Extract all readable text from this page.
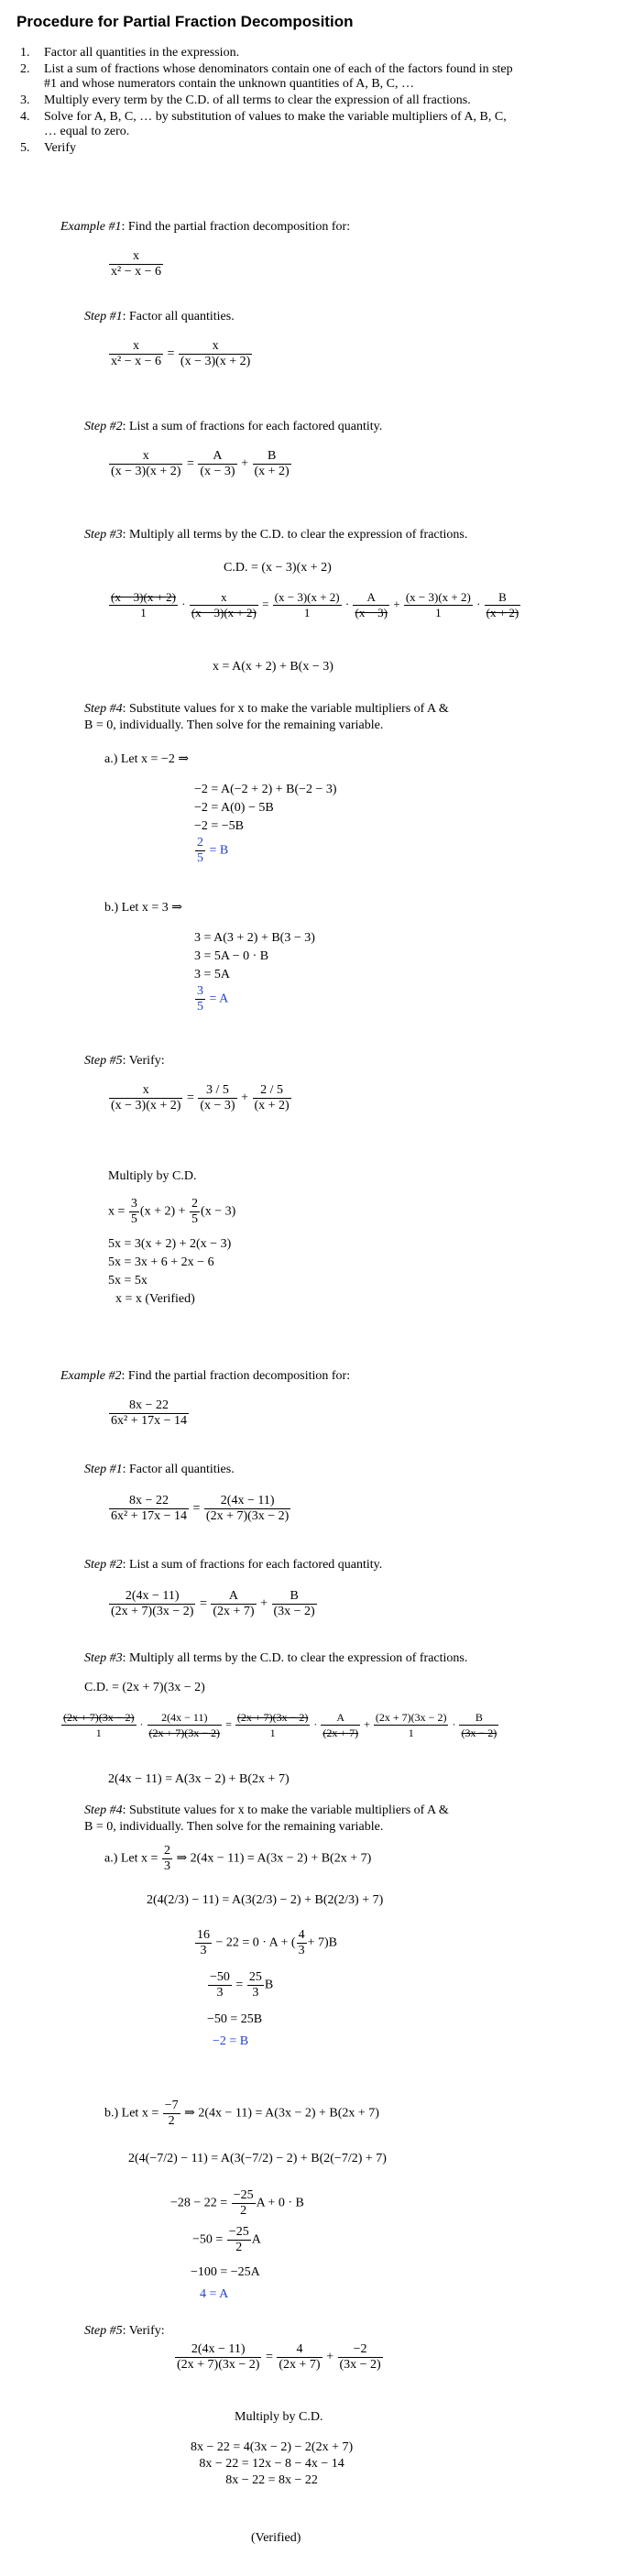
Procedure for Partial Fraction Decomposition
1. Factor all quantities in the expression.
2. List a sum of fractions whose denominators contain one of each of the factors found in step #1 and whose numerators contain the unknown quantities of A, B, C, …
3. Multiply every term by the C.D. of all terms to clear the expression of all fractions.
4. Solve for A, B, C, … by substitution of values to make the variable multipliers of A, B, C, … equal to zero.
5. Verify
Example #1: Find the partial fraction decomposition for:
$\frac{x}{\text{x² − x − 6}}$
Step #1: Factor all quantities.
$\frac{x}{\text{x² − x − 6}} = \frac{x}{(x - 3)(x + 2)}$
Step #2: List a sum of fractions for each factored quantity.
$\frac{x}{(x - 3)(x + 2)} = \frac{A}{(x - 3)} + \frac{B}{(x + 2)}$
Step #3: Multiply all terms by the C.D. to clear the expression of fractions.
C.D. = (x − 3)(x + 2)
$\frac{(x - 3)(x + 2)}{1} \cdot \frac{x}{(x - 3)(x + 2)} = \frac{(x - 3)(x + 2)}{1} \cdot \frac{A}{(x - 3)} + \frac{(x - 3)(x + 2)}{1} \cdot \frac{B}{(x + 2)}$
x = A(x + 2) + B(x − 3)
Step #4: Substitute values for x to make the variable multipliers of A &
B = 0, individually. Then solve for the remaining variable.
a.) Let x = −2 ⇒
−2 = A(−2 + 2) + B(−2 − 3)
−2 = A(0) − 5B
−2 = −5B
$\frac{2}{5} = B$
b.) Let x = 3 ⇒
3 = A(3 + 2) + B(3 − 3)
3 = 5A − 0 · B
3 = 5A
$\frac{3}{5} = A$
Step #5: Verify:
$\frac{x}{(x - 3)(x + 2)} = \frac{3 / 5}{(x - 3)} + \frac{2 / 5}{(x + 2)}$
Multiply by C.D.
$x = \frac{3}{5} (x + 2) + \frac{2}{5} (x - 3)$
5x = 3(x + 2) + 2(x − 3)
5x = 3x + 6 + 2x − 6
5x = 5x
x = x (Verified)
Example #2: Find the partial fraction decomposition for:
$\frac{8x - 22}{\text{6x² + 17x − 14}}$
Step #1: Factor all quantities.
$\frac{8x - 22}{\text{6x² + 17x − 14}} = \frac{2(4x - 11)}{(2x + 7)(3x - 2)}$
Step #2: List a sum of fractions for each factored quantity.
$\frac{2(4x - 11)}{(2x + 7)(3x - 2)} = \frac{A}{(2x + 7)} + \frac{B}{(3x - 2)}$
Step #3: Multiply all terms by the C.D. to clear the expression of fractions.
C.D. = (2x + 7)(3x − 2)
$\frac{(2x + 7)(3x - 2)}{1} \cdot \frac{2(4x - 11)}{(2x + 7)(3x - 2)} = \frac{(2x + 7)(3x - 2)}{1} \cdot \frac{A}{(2x + 7)} + \frac{(2x + 7)(3x - 2)}{1} \cdot \frac{B}{(3x - 2)}$
2(4x − 11) = A(3x − 2) + B(2x + 7)
Step #4: Substitute values for x to make the variable multipliers of A &
B = 0, individually. Then solve for the remaining variable.
a.) Let $x = \frac{2}{3}$ ⇒ 2(4x − 11) = A(3x − 2) + B(2x + 7)
2(4(2/3) − 11) = A(3(2/3) − 2) + B(2(2/3) + 7)
$\frac{16}{3} - 22 = 0 \cdot A$ + ( $\frac{4}{3} + 7)B$
$\frac{-50}{3} = \frac{25}{3}$ B
−50 = 25B
−2 = B
b.) Let $x = \frac{-7}{2}$ ⇒ 2(4x − 11) = A(3x − 2) + B(2x + 7)
2(4(−7/2) − 11) = A(3(−7/2) − 2) + B(2(−7/2) + 7)
$-28 - 22 = \frac{-25}{2}$ A + 0 · B
$-50 = \frac{-25}{2}$ A
−100 = −25A
4 = A
Step #5: Verify:
$\frac{2(4x - 11)}{(2x + 7)(3x - 2)} = \frac{4}{(2x + 7)} + \frac{-2}{(3x - 2)}$
Multiply by C.D.
8x − 22 = 4(3x − 2) − 2(2x + 7)
8x − 22 = 12x − 8 − 4x − 14
8x − 22 = 8x − 22
(Verified)
